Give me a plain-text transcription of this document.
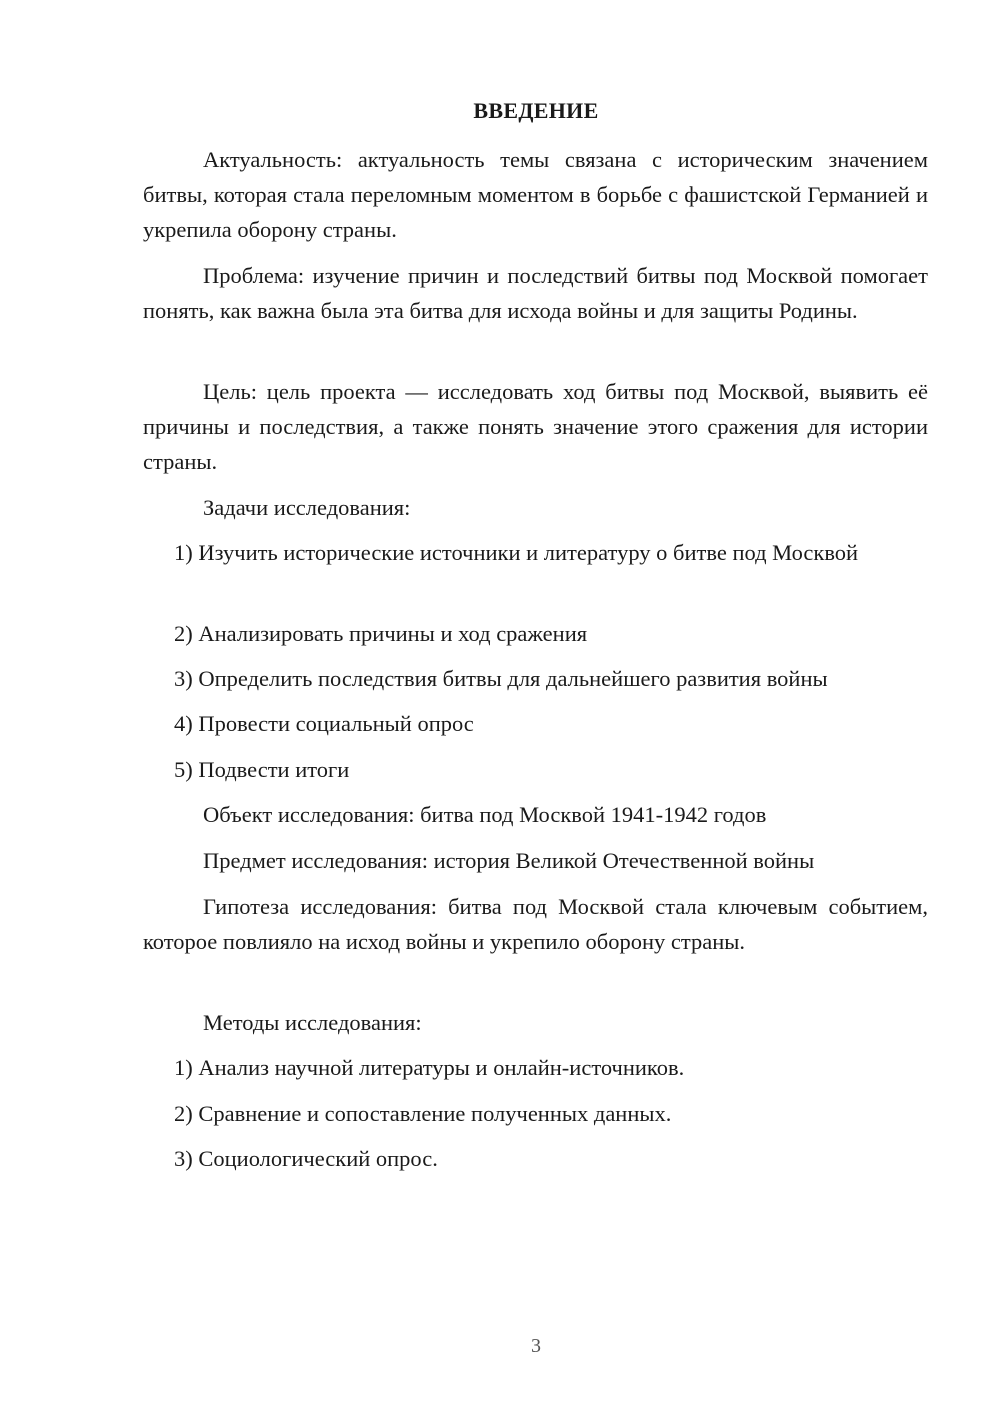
ВВЕДЕНИЕ

Актуальность: актуальность темы связана с историческим значением битвы, которая стала переломным моментом в борьбе с фашистской Германией и укрепила оборону страны.

Проблема: изучение причин и последствий битвы под Москвой помогает понять, как важна была эта битва для исхода войны и для защиты Родины.

Цель: цель проекта — исследовать ход битвы под Москвой, выявить её причины и последствия, а также понять значение этого сражения для истории страны.

Задачи исследования:

1) Изучить исторические источники и литературу о битве под Москвой

2) Анализировать причины и ход сражения

3) Определить последствия битвы для дальнейшего развития войны

4) Провести социальный опрос

5) Подвести итоги

Объект исследования: битва под Москвой 1941-1942 годов

Предмет исследования: история Великой Отечественной войны

Гипотеза исследования: битва под Москвой стала ключевым событием, которое повлияло на исход войны и укрепило оборону страны.

Методы исследования:

1) Анализ научной литературы и онлайн-источников.

2) Сравнение и сопоставление полученных данных.

3) Социологический опрос.

3
